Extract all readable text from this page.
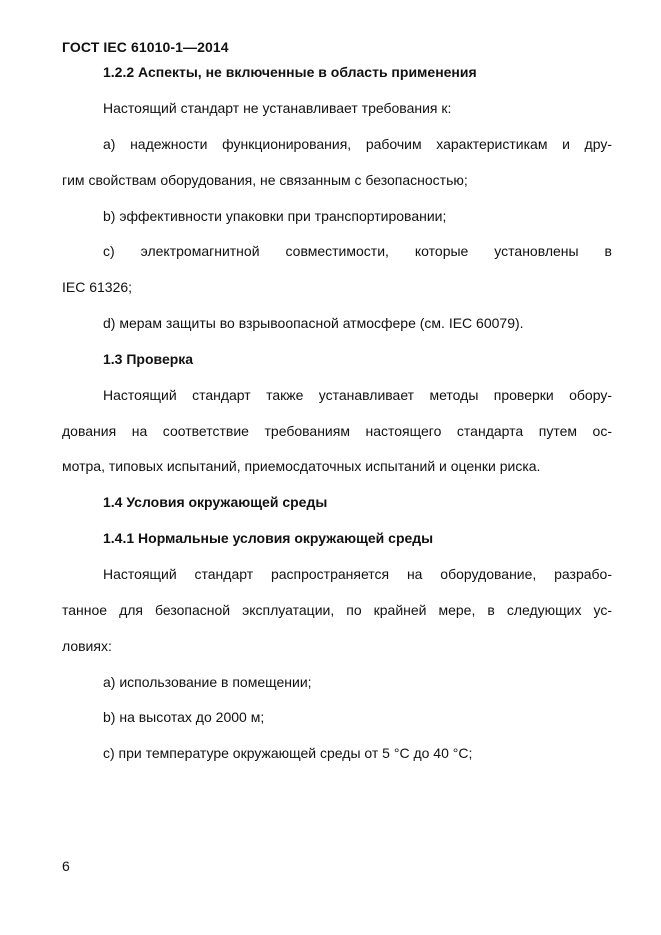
ГОСТ IEC 61010-1—2014
1.2.2 Аспекты, не включенные в область применения
Настоящий стандарт не устанавливает требования к:
a) надежности функционирования, рабочим характеристикам и дру-
гим свойствам оборудования, не связанным с безопасностью;
b) эффективности упаковки при транспортировании;
c) электромагнитной совместимости, которые установлены в
IEC 61326;
d) мерам защиты во взрывоопасной атмосфере (см. IEC 60079).
1.3 Проверка
Настоящий стандарт также устанавливает методы проверки обору-
дования на соответствие требованиям настоящего стандарта путем ос-
мотра, типовых испытаний, приемосдаточных испытаний и оценки риска.
1.4 Условия окружающей среды
1.4.1 Нормальные условия окружающей среды
Настоящий стандарт распространяется на оборудование, разрабо-
танное для безопасной эксплуатации, по крайней мере, в следующих ус-
ловиях:
a) использование в помещении;
b) на высотах до 2000 м;
c) при температуре окружающей среды от 5 °C до 40 °C;
6
